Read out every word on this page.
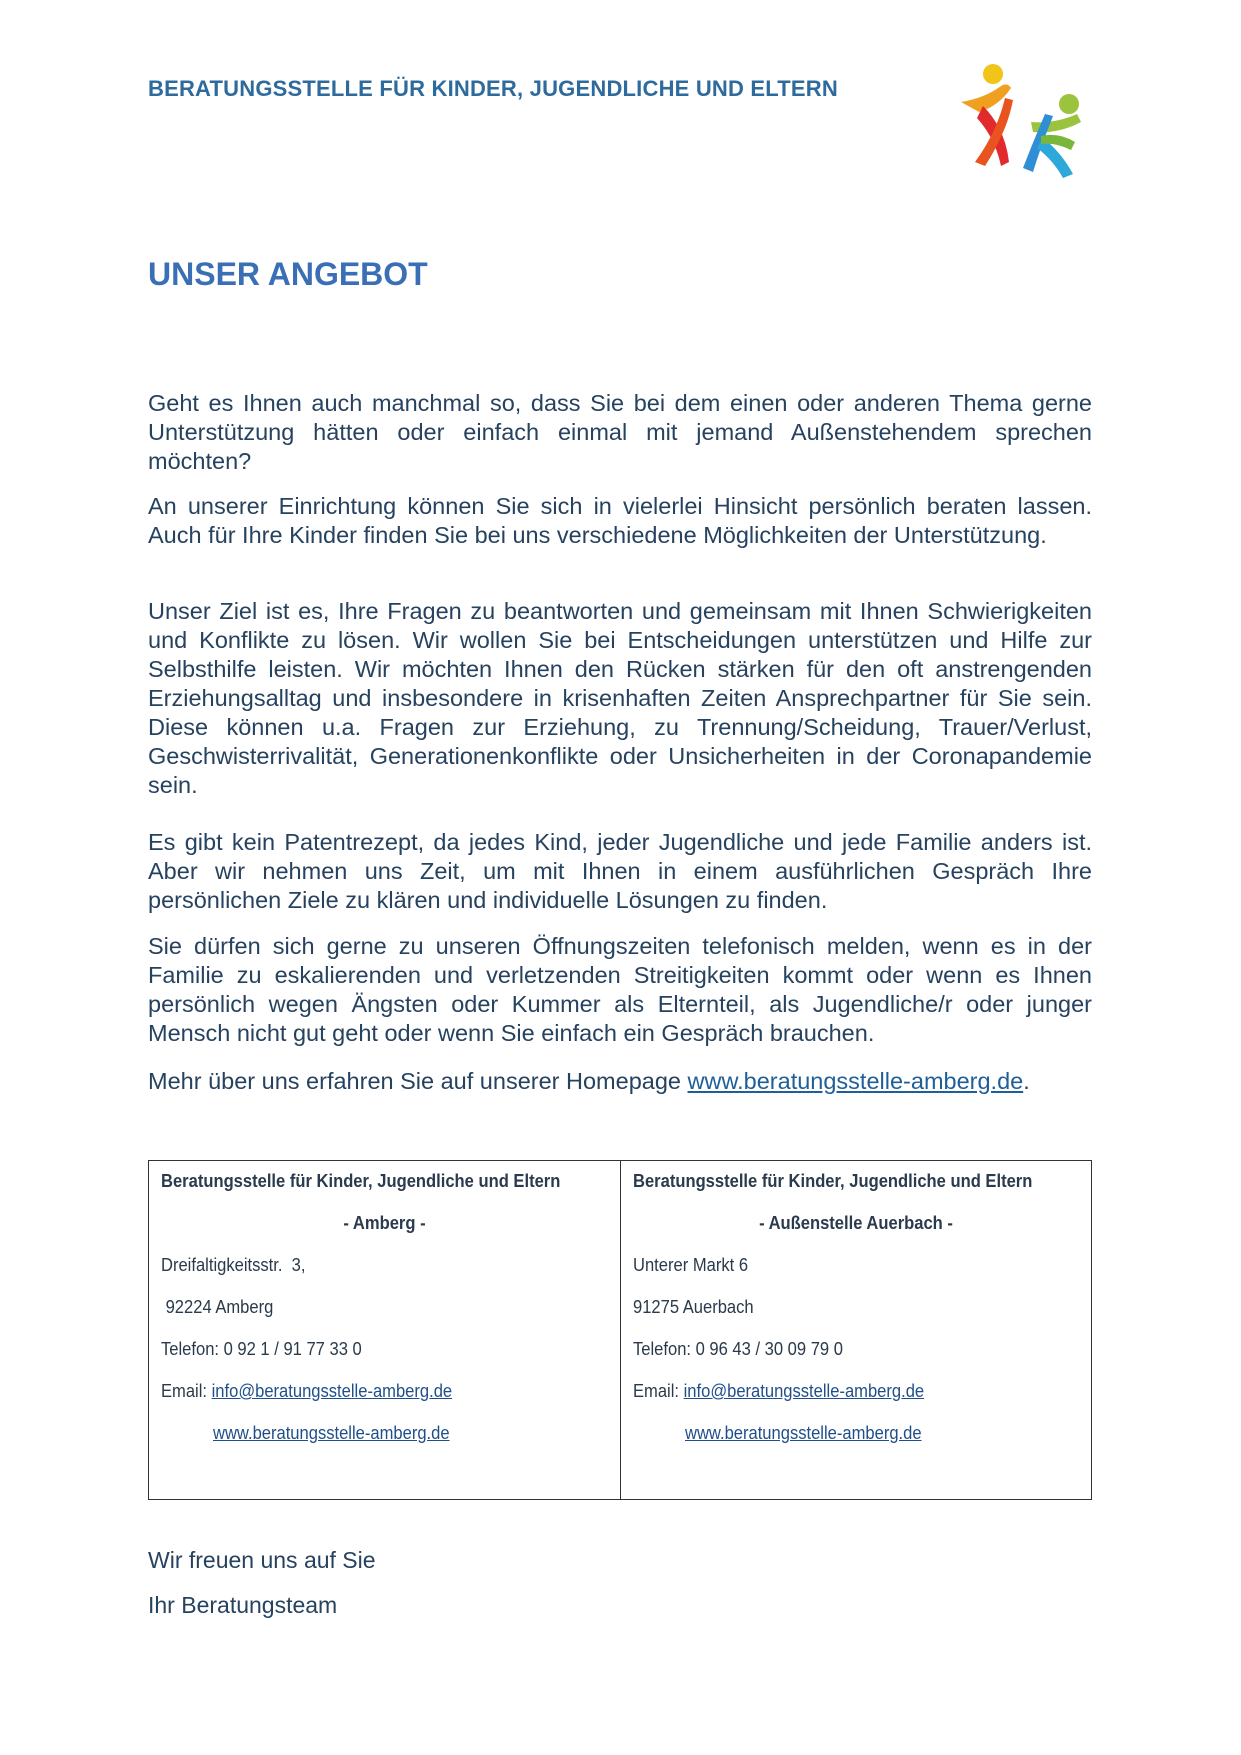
BERATUNGSSTELLE FÜR KINDER, JUGENDLICHE UND ELTERN
UNSER ANGEBOT

Geht es Ihnen auch manchmal so, dass Sie bei dem einen oder anderen Thema gerne Unterstützung hätten oder einfach einmal mit jemand Außenstehendem sprechen möchten?

An unserer Einrichtung können Sie sich in vielerlei Hinsicht persönlich beraten lassen. Auch für Ihre Kinder finden Sie bei uns verschiedene Möglichkeiten der Unterstützung.

Unser Ziel ist es, Ihre Fragen zu beantworten und gemeinsam mit Ihnen Schwierigkeiten und Konflikte zu lösen. Wir wollen Sie bei Entscheidungen unterstützen und Hilfe zur Selbsthilfe leisten. Wir möchten Ihnen den Rücken stärken für den oft anstrengenden Erziehungsalltag und insbesondere in krisenhaften Zeiten Ansprechpartner für Sie sein. Diese können u.a. Fragen zur Erziehung, zu Trennung/Scheidung, Trauer/Verlust, Geschwisterrivalität, Generationenkonflikte oder Unsicherheiten in der Coronapandemie sein.

Es gibt kein Patentrezept, da jedes Kind, jeder Jugendliche und jede Familie anders ist. Aber wir nehmen uns Zeit, um mit Ihnen in einem ausführlichen Gespräch Ihre persönlichen Ziele zu klären und individuelle Lösungen zu finden.

Sie dürfen sich gerne zu unseren Öffnungszeiten telefonisch melden, wenn es in der Familie zu eskalierenden und verletzenden Streitigkeiten kommt oder wenn es Ihnen persönlich wegen Ängsten oder Kummer als Elternteil, als Jugendliche/r oder junger Mensch nicht gut geht oder wenn Sie einfach ein Gespräch brauchen.

Mehr über uns erfahren Sie auf unserer Homepage www.beratungsstelle-amberg.de.

Beratungsstelle für Kinder, Jugendliche und Eltern
- Amberg -
Dreifaltigkeitsstr.  3,
92224 Amberg
Telefon: 0 92 1 / 91 77 33 0
Email: info@beratungsstelle-amberg.de
www.beratungsstelle-amberg.de
Beratungsstelle für Kinder, Jugendliche und Eltern
- Außenstelle Auerbach -
Unterer Markt 6
91275 Auerbach
Telefon: 0 96 43 / 30 09 79 0
Email: info@beratungsstelle-amberg.de
www.beratungsstelle-amberg.de
Wir freuen uns auf Sie
Ihr Beratungsteam
